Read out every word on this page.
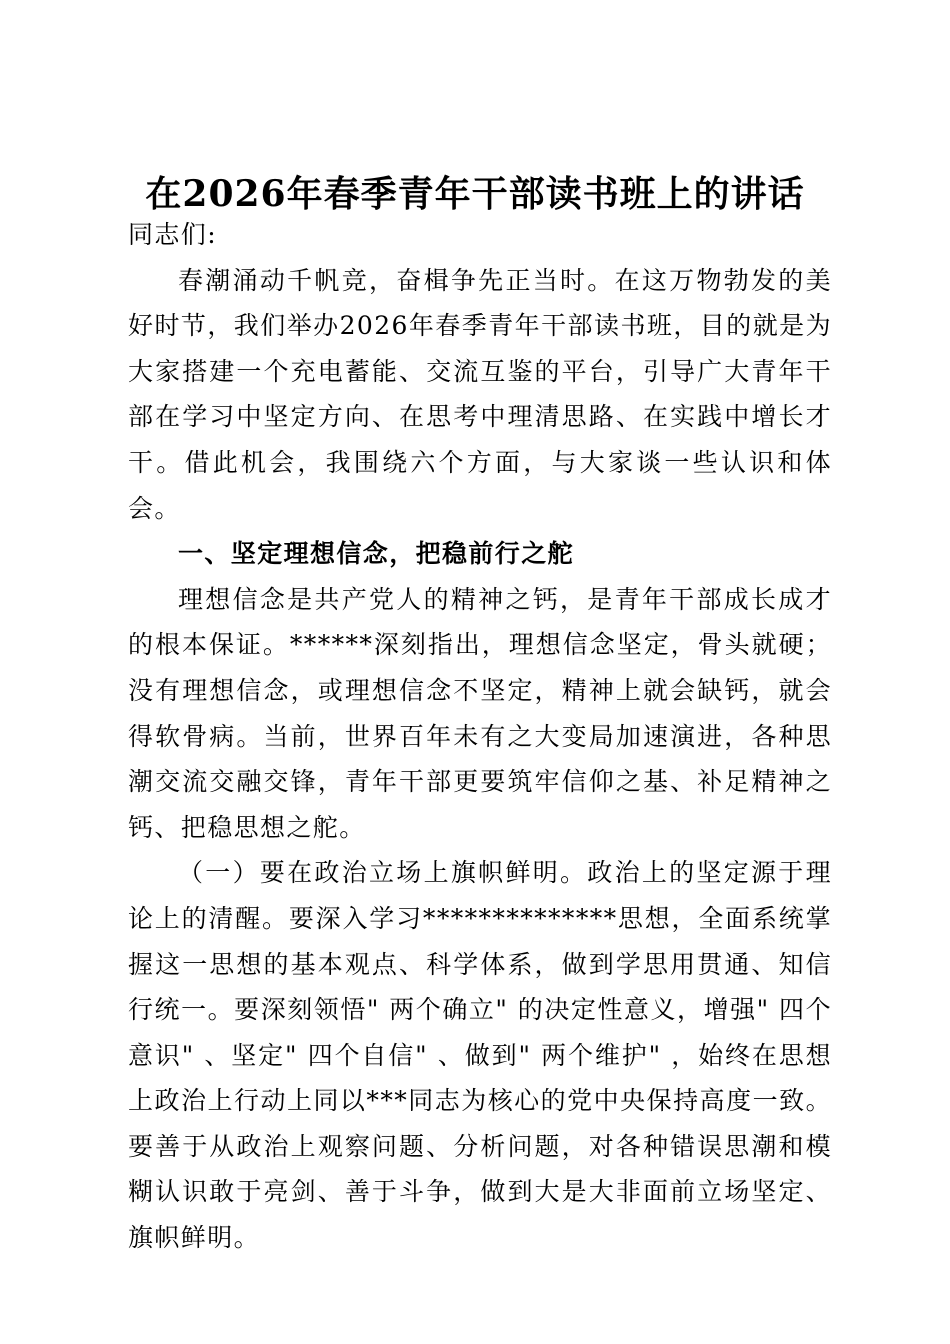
在2026年春季青年干部读书班上的讲话

同志们:

春潮涌动千帆竞，奋楫争先正当时。在这万物勃发的美好时节，我们举办2026年春季青年干部读书班，目的就是为大家搭建一个充电蓄能、交流互鉴的平台，引导广大青年干部在学习中坚定方向、在思考中理清思路、在实践中增长才干。借此机会，我围绕六个方面，与大家谈一些认识和体会。

一、坚定理想信念，把稳前行之舵

理想信念是共产党人的精神之钙，是青年干部成长成才的根本保证。******深刻指出，理想信念坚定，骨头就硬；没有理想信念，或理想信念不坚定，精神上就会缺钙，就会得软骨病。当前，世界百年未有之大变局加速演进，各种思潮交流交融交锋，青年干部更要筑牢信仰之基、补足精神之钙、把稳思想之舵。

（一）要在政治立场上旗帜鲜明。政治上的坚定源于理论上的清醒。要深入学习**************思想，全面系统掌握这一思想的基本观点、科学体系，做到学思用贯通、知信行统一。要深刻领悟" 两个确立" 的决定性意义，增强" 四个意识" 、坚定" 四个自信" 、做到" 两个维护" ，始终在思想上政治上行动上同以***同志为核心的党中央保持高度一致。要善于从政治上观察问题、分析问题，对各种错误思潮和模糊认识敢于亮剑、善于斗争，做到大是大非面前立场坚定、旗帜鲜明。
